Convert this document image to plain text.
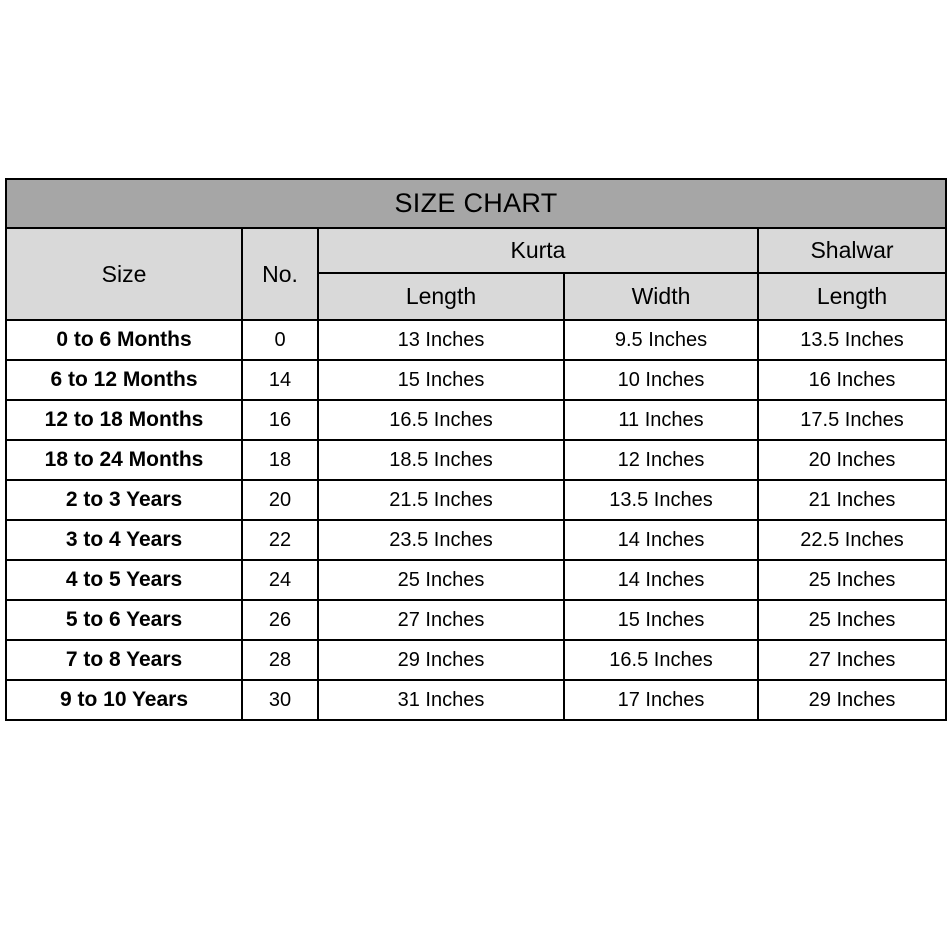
SIZE CHART				
Size	No.	Kurta		Shalwar
		Length	Width	Length
0 to 6 Months	0	13 Inches	9.5 Inches	13.5 Inches
6 to 12 Months	14	15 Inches	10 Inches	16 Inches
12 to 18 Months	16	16.5 Inches	11 Inches	17.5 Inches
18 to 24 Months	18	18.5 Inches	12 Inches	20 Inches
2 to 3 Years	20	21.5 Inches	13.5 Inches	21 Inches
3 to 4 Years	22	23.5 Inches	14 Inches	22.5 Inches
4 to 5 Years	24	25 Inches	14 Inches	25 Inches
5 to 6 Years	26	27 Inches	15 Inches	25 Inches
7 to 8 Years	28	29 Inches	16.5 Inches	27 Inches
9 to 10 Years	30	31 Inches	17 Inches	29 Inches
